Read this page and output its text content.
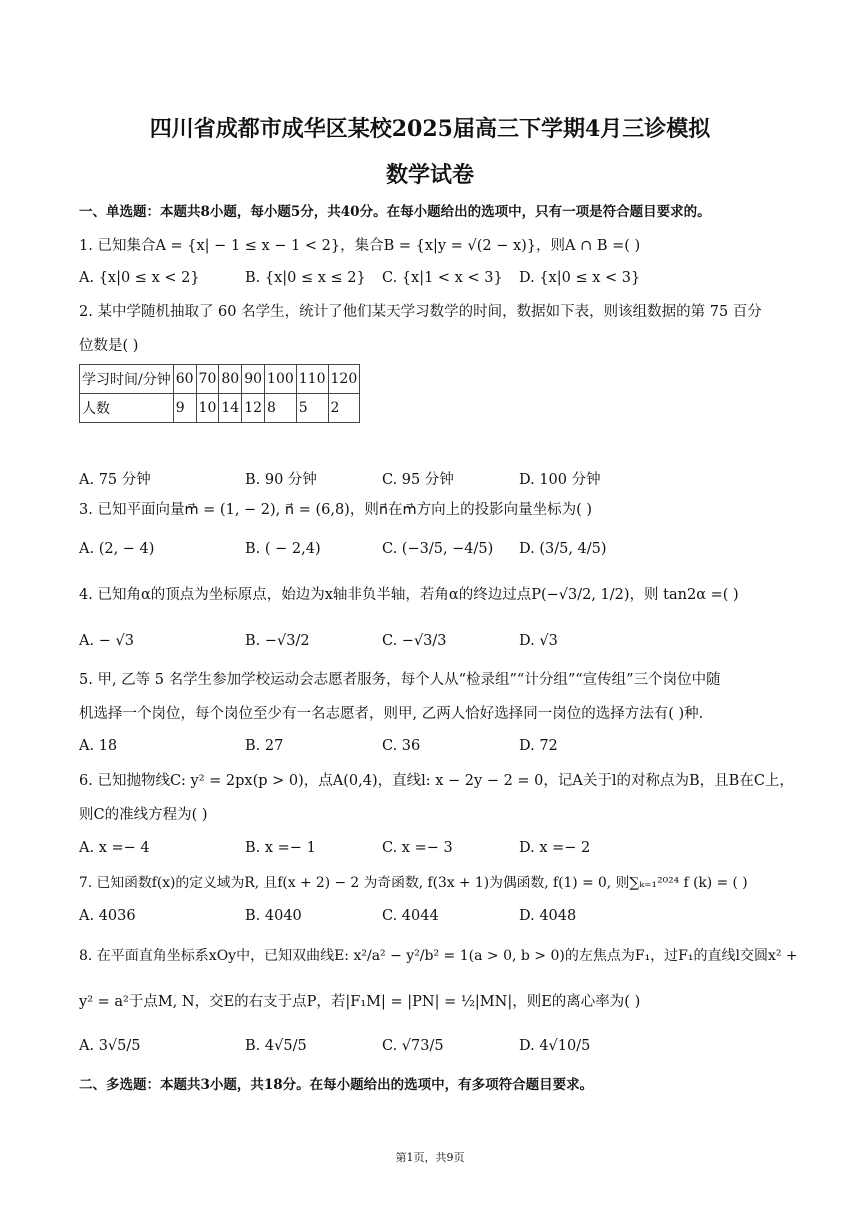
四川省成都市成华区某校2025届高三下学期4月三诊模拟
数学试卷
一、单选题：本题共8小题，每小题5分，共40分。在每小题给出的选项中，只有一项是符合题目要求的。
1. 已知集合A = {x| − 1 ≤ x − 1 < 2}，集合B = {x|y = √(2 − x)}，则A ∩ B =( )
A. {x|0 ≤ x < 2}	B. {x|0 ≤ x ≤ 2} C. {x|1 < x < 3} D. {x|0 ≤ x < 3}
2. 某中学随机抽取了 60 名学生，统计了他们某天学习数学的时间，数据如下表，则该组数据的第 75 百分
位数是( )
学习时间/分钟	60	70	80	90	100	110	120
人数	9	10	14	12	8	5	2
A. 75 分钟	B. 90 分钟	C. 95 分钟	D. 100 分钟
3. 已知平面向量m⃗ = (1, − 2), n⃗ = (6,8)，则n⃗在m⃗方向上的投影向量坐标为( )
A. (2, − 4)	B. ( − 2,4)	C. (−3/5, −4/5) D. (3/5, 4/5)
4. 已知角α的顶点为坐标原点，始边为x轴非负半轴，若角α的终边过点P(−√3/2, 1/2)，则 tan2α =( )
A. − √3	B. −√3/2	C. −√3/3	D. √3
5. 甲, 乙等 5 名学生参加学校运动会志愿者服务，每个人从“检录组”“计分组”“宣传组”三个岗位中随
机选择一个岗位，每个岗位至少有一名志愿者，则甲, 乙两人恰好选择同一岗位的选择方法有( )种.
A. 18	B. 27	C. 36	D. 72
6. 已知抛物线C: y² = 2px(p > 0)，点A(0,4)，直线l: x − 2y − 2 = 0，记A关于l的对称点为B，且B在C上，
则C的准线方程为( )
A. x =− 4	B. x =− 1	C. x =− 3	D. x =− 2
7. 已知函数f(x)的定义域为R, 且f(x + 2) − 2 为奇函数, f(3x + 1)为偶函数, f(1) = 0, 则∑ₖ₌₁²⁰²⁴ f (k) = ( )
A. 4036	B. 4040	C. 4044	D. 4048
8. 在平面直角坐标系xOy中，已知双曲线E: x²/a² − y²/b² = 1(a > 0, b > 0)的左焦点为F₁，过F₁的直线l交圆x² +
y² = a²于点M, N，交E的右支于点P，若|F₁M| = |PN| = ½|MN|，则E的离心率为( )
A. 3√5/5	B. 4√5/5	C. √73/5	D. 4√10/5
二、多选题：本题共3小题，共18分。在每小题给出的选项中，有多项符合题目要求。
第1页，共9页
